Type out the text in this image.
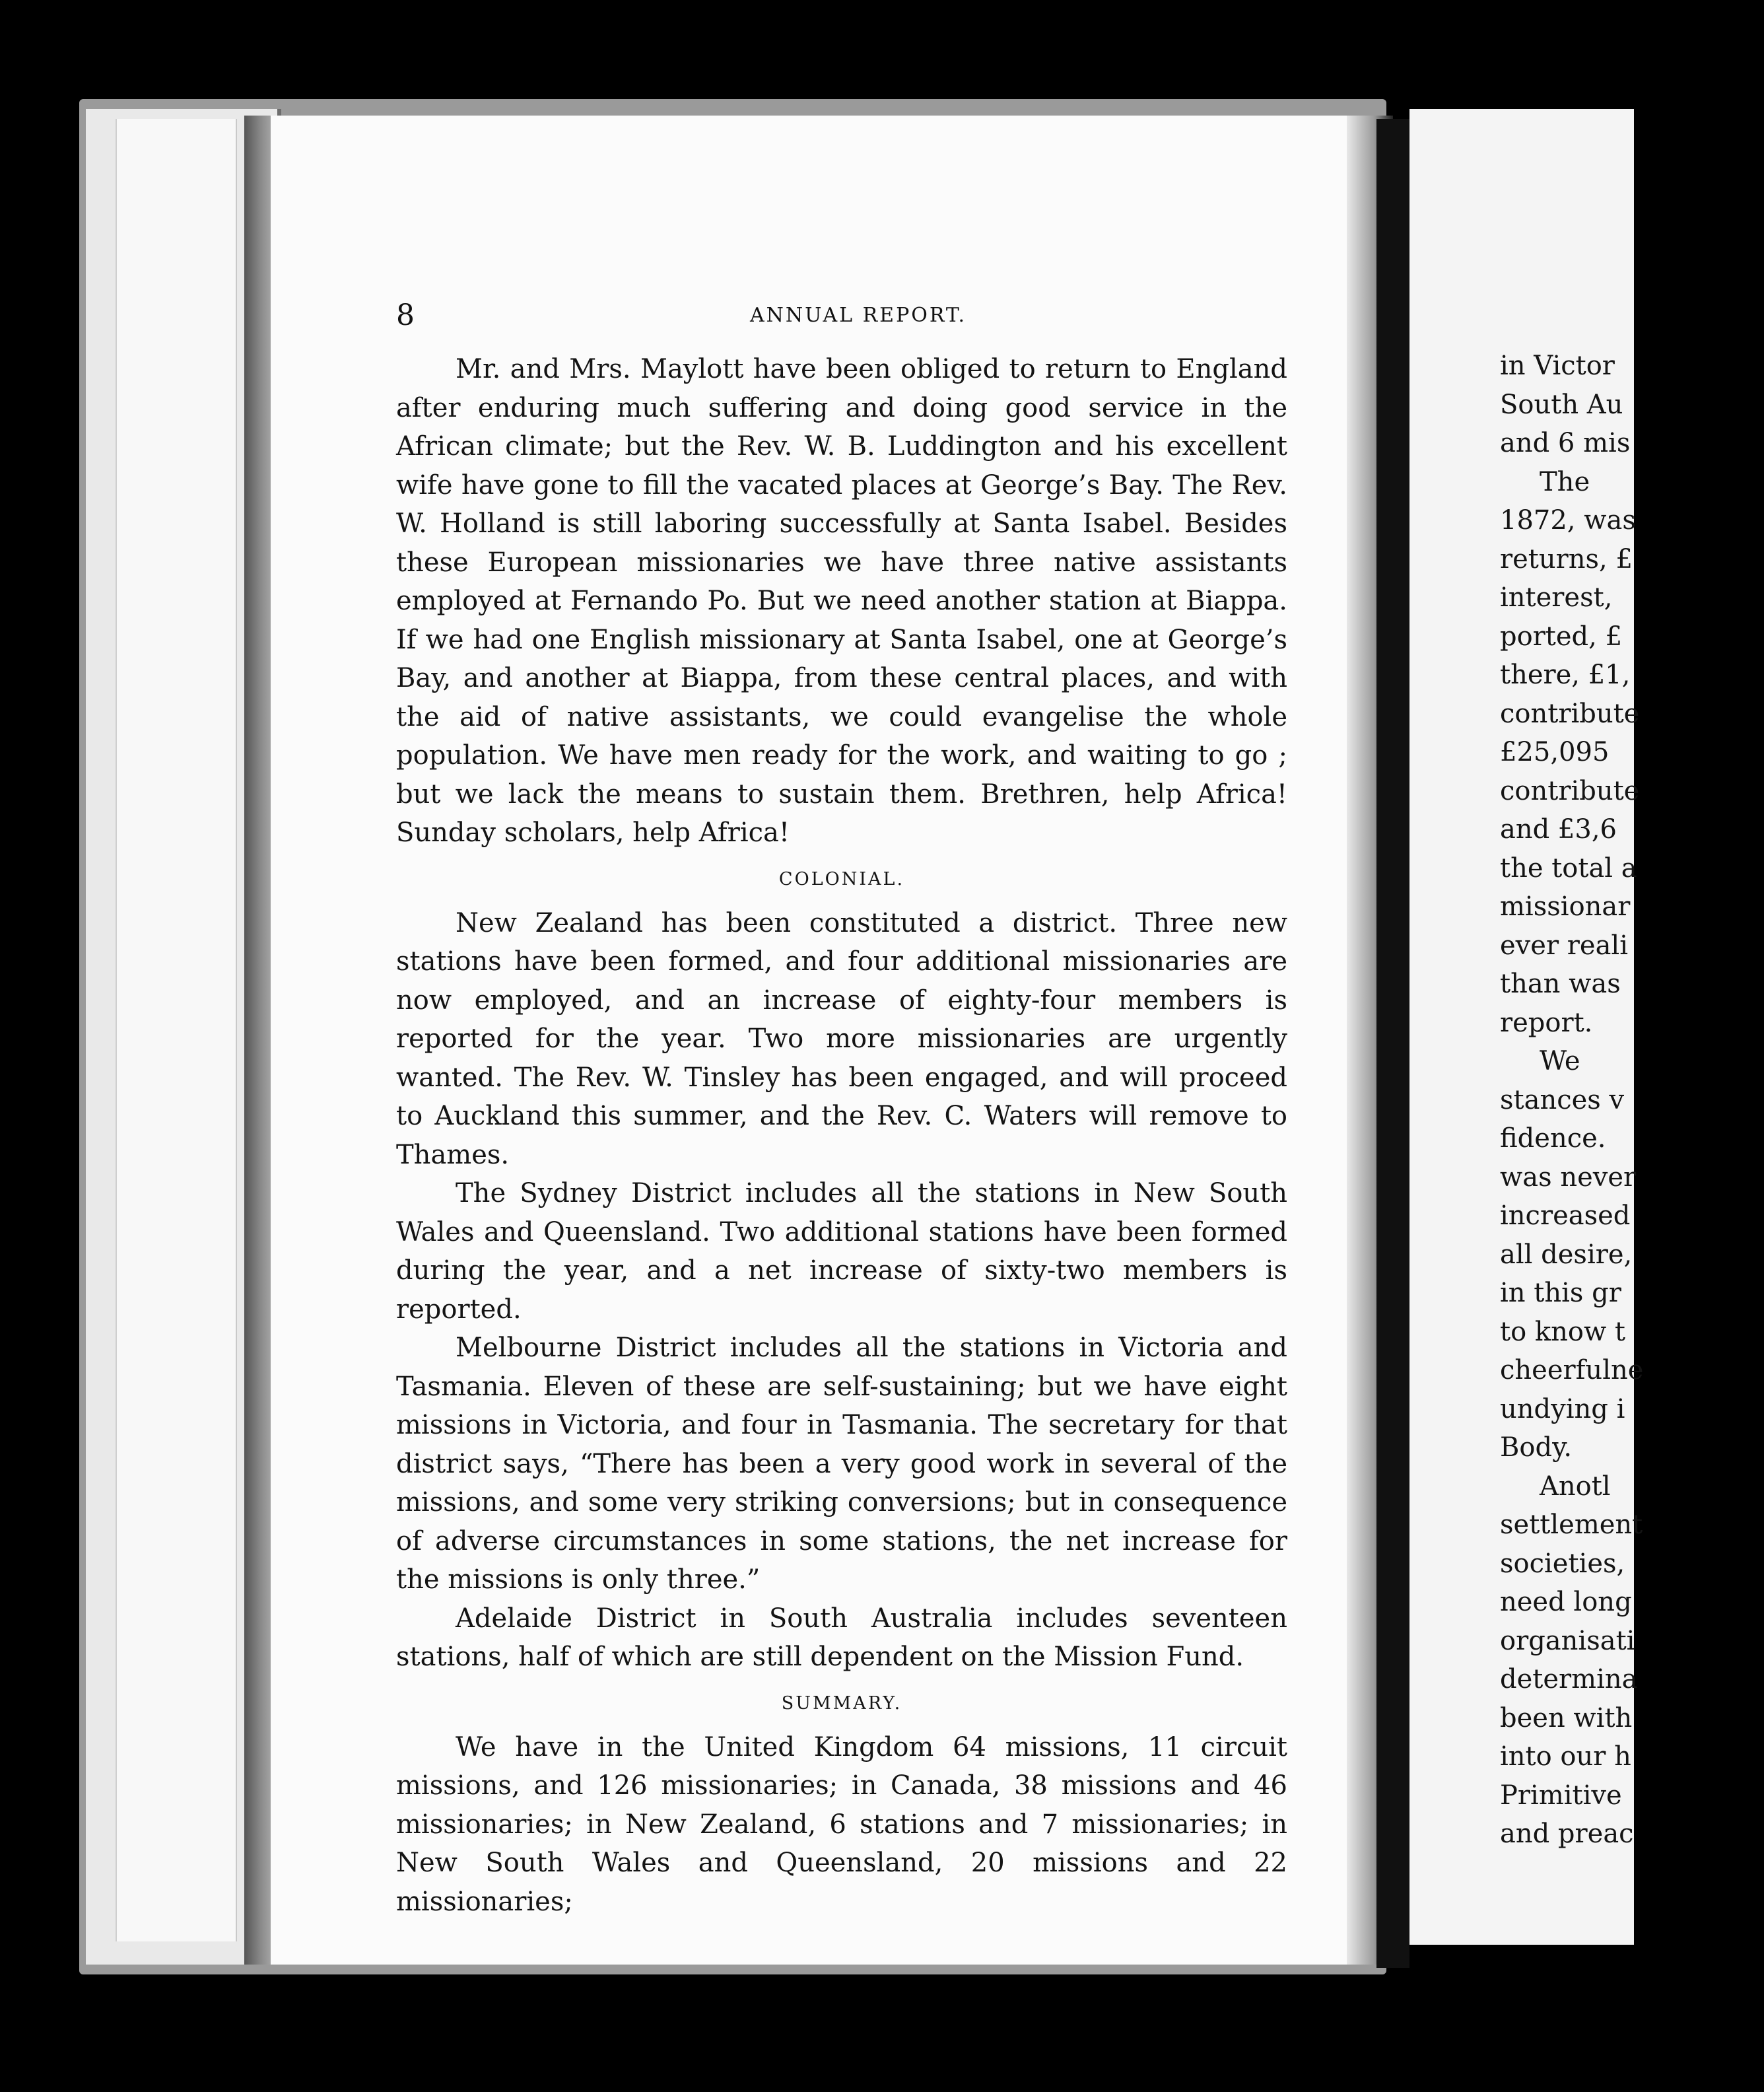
8	ANNUAL REPORT.

Mr. and Mrs. Maylott have been obliged to return to England after enduring much suffering and doing good service in the African climate; but the Rev. W. B. Luddington and his excellent wife have gone to fill the vacated places at George’s Bay. The Rev. W. Holland is still laboring successfully at Santa Isabel. Besides these European missionaries we have three native assistants employed at Fernando Po. But we need another station at Biappa. If we had one English missionary at Santa Isabel, one at George’s Bay, and another at Biappa, from these central places, and with the aid of native assistants, we could evangelise the whole population. We have men ready for the work, and waiting to go ; but we lack the means to sustain them. Brethren, help Africa! Sunday scholars, help Africa!

COLONIAL.

New Zealand has been constituted a district. Three new stations have been formed, and four additional missionaries are now employed, and an increase of eighty-four members is reported for the year. Two more missionaries are urgently wanted. The Rev. W. Tinsley has been engaged, and will proceed to Auckland this summer, and the Rev. C. Waters will remove to Thames.

The Sydney District includes all the stations in New South Wales and Queensland. Two additional stations have been formed during the year, and a net increase of sixty-two members is reported.

Melbourne District includes all the stations in Victoria and Tasmania. Eleven of these are self-sustaining; but we have eight missions in Victoria, and four in Tasmania. The secretary for that district says, “There has been a very good work in several of the missions, and some very striking conversions; but in consequence of adverse circumstances in some stations, the net increase for the missions is only three.”

Adelaide District in South Australia includes seventeen stations, half of which are still dependent on the Mission Fund.

SUMMARY.

We have in the United Kingdom 64 missions, 11 circuit missions, and 126 missionaries; in Canada, 38 missions and 46 missionaries; in New Zealand, 6 stations and 7 missionaries; in New South Wales and Queensland, 20 missions and 22 missionaries;

in Victor
South Au
and 6 mis
The
1872, was
returns, £
interest,
ported, £
there, £1,
contribute
£25,095
contribute
and £3,6
the total a
missionar
ever reali
than was
report.
We
stances v
fidence.
was never
increased
all desire,
in this gr
to know t
cheerfulne
undying i
Body.
Anotl
settlement
societies,
need long
organisati
determina
been with
into our h
Primitive
and preac
